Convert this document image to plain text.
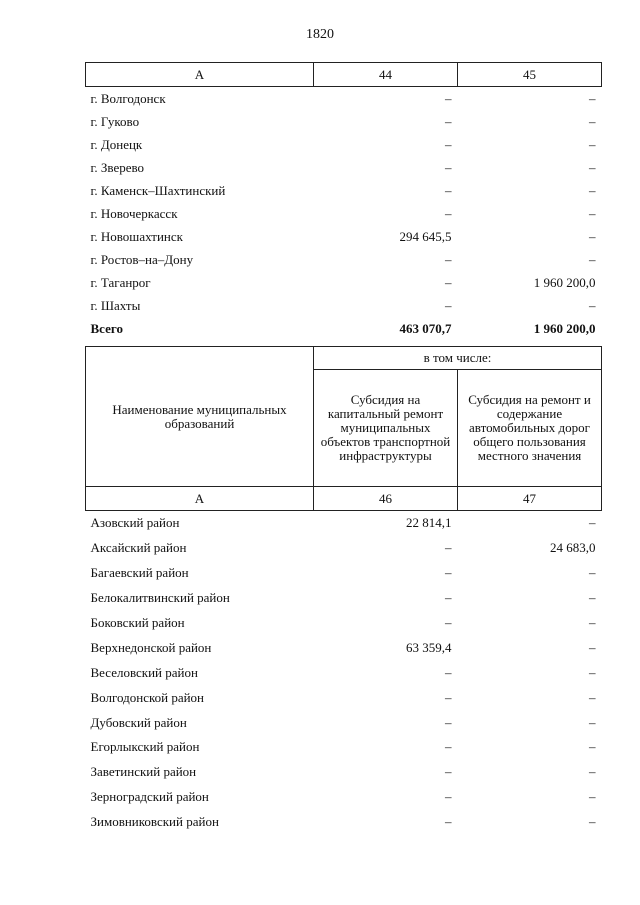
1820
А	44	45
г. Волгодонск	–	–
г. Гуково	–	–
г. Донецк	–	–
г. Зверево	–	–
г. Каменск–Шахтинский	–	–
г. Новочеркасск	–	–
г. Новошахтинск	294 645,5	–
г. Ростов–на–Дону	–	–
г. Таганрог	–	1 960 200,0
г. Шахты	–	–
Всего	463 070,7	1 960 200,0
Наименование муниципальных образований	в том числе:	
	Субсидия на капитальный ремонт муниципальных объектов транспортной инфраструктуры	Субсидия на ремонт и содержание автомобильных дорог общего пользования местного значения
А	46	47
Азовский район	22 814,1	–
Аксайский район	–	24 683,0
Багаевский район	–	–
Белокалитвинский район	–	–
Боковский район	–	–
Верхнедонской район	63 359,4	–
Веселовский район	–	–
Волгодонской район	–	–
Дубовский район	–	–
Егорлыкский район	–	–
Заветинский район	–	–
Зерноградский район	–	–
Зимовниковский район	–	–
